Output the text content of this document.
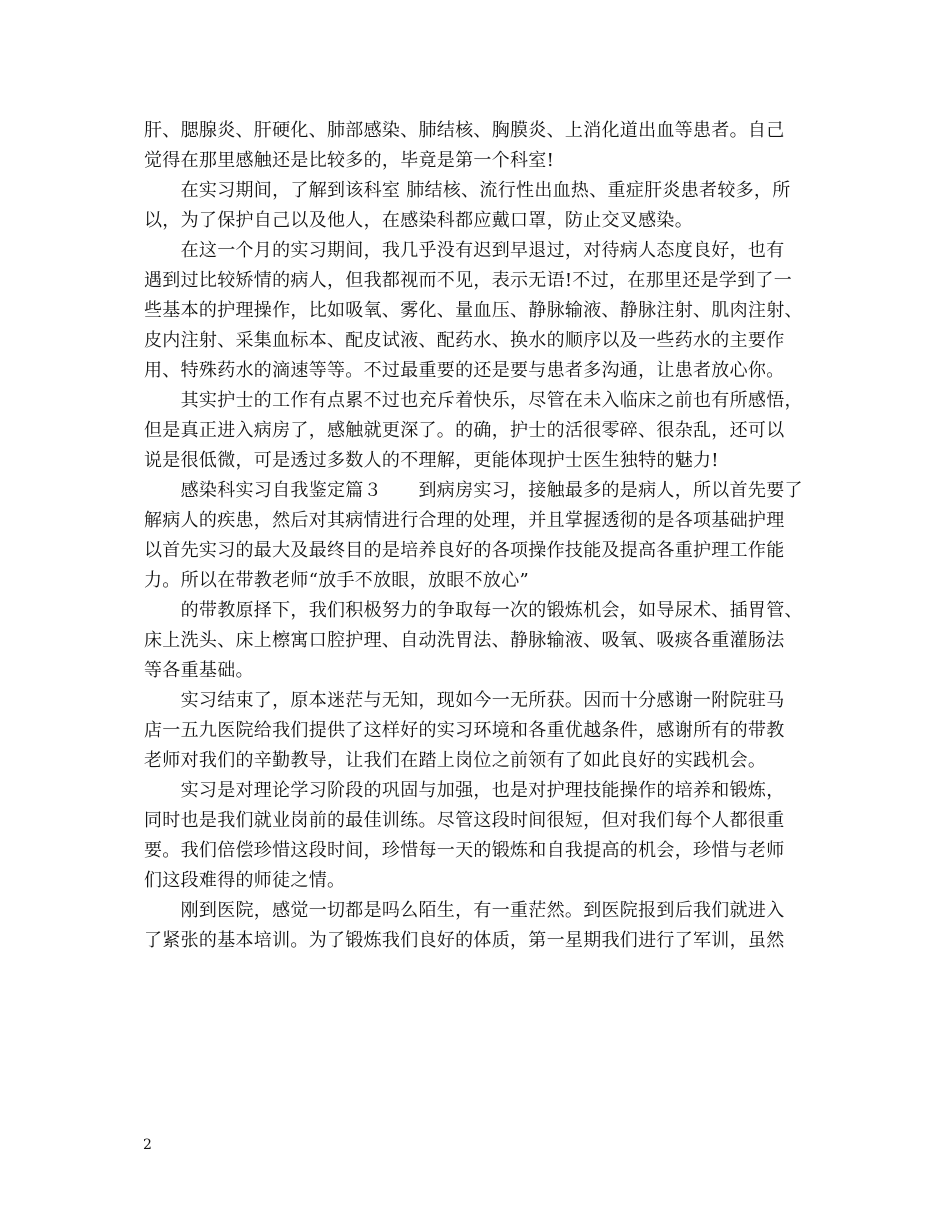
肝、腮腺炎、肝硬化、肺部感染、肺结核、胸膜炎、上消化道出血等患者。自己
觉得在那里感触还是比较多的，毕竟是第一个科室!
　　在实习期间，了解到该科室 肺结核、流行性出血热、重症肝炎患者较多，所
以，为了保护自己以及他人，在感染科都应戴口罩，防止交叉感染。
　　在这一个月的实习期间，我几乎没有迟到早退过，对待病人态度良好，也有
遇到过比较矫情的病人，但我都视而不见，表示无语!不过，在那里还是学到了一
些基本的护理操作，比如吸氧、雾化、量血压、静脉输液、静脉注射、肌肉注射、
皮内注射、采集血标本、配皮试液、配药水、换水的顺序以及一些药水的主要作
用、特殊药水的滴速等等。不过最重要的还是要与患者多沟通，让患者放心你。
　　其实护士的工作有点累不过也充斥着快乐，尽管在未入临床之前也有所感悟，
但是真正进入病房了，感触就更深了。的确，护士的活很零碎、很杂乱，还可以
说是很低微，可是透过多数人的不理解，更能体现护士医生独特的魅力!
　　感染科实习自我鉴定篇３　　到病房实习，接触最多的是病人，所以首先要了
解病人的疾患，然后对其病情进行合理的处理，并且掌握透彻的是各项基础护理
以首先实习的最大及最终目的是培养良好的各项操作技能及提高各重护理工作能
力。所以在带教老师“放手不放眼，放眼不放心”
　　的带教原择下，我们积极努力的争取每一次的锻炼机会，如导尿术、插胃管、
床上洗头、床上檫寓口腔护理、自动洗胃法、静脉输液、吸氧、吸痰各重灌肠法
等各重基础。
　　实习结束了，原本迷茫与无知，现如今一无所获。因而十分感谢一附院驻马
店一五九医院给我们提供了这样好的实习环境和各重优越条件，感谢所有的带教
老师对我们的辛勤教导，让我们在踏上岗位之前领有了如此良好的实践机会。
　　实习是对理论学习阶段的巩固与加强，也是对护理技能操作的培养和锻炼，
同时也是我们就业岗前的最佳训练。尽管这段时间很短，但对我们每个人都很重
要。我们倍偿珍惜这段时间，珍惜每一天的锻炼和自我提高的机会，珍惜与老师
们这段难得的师徒之情。
　　刚到医院，感觉一切都是吗么陌生，有一重茫然。到医院报到后我们就进入
了紧张的基本培训。为了锻炼我们良好的体质，第一星期我们进行了军训，虽然
2
